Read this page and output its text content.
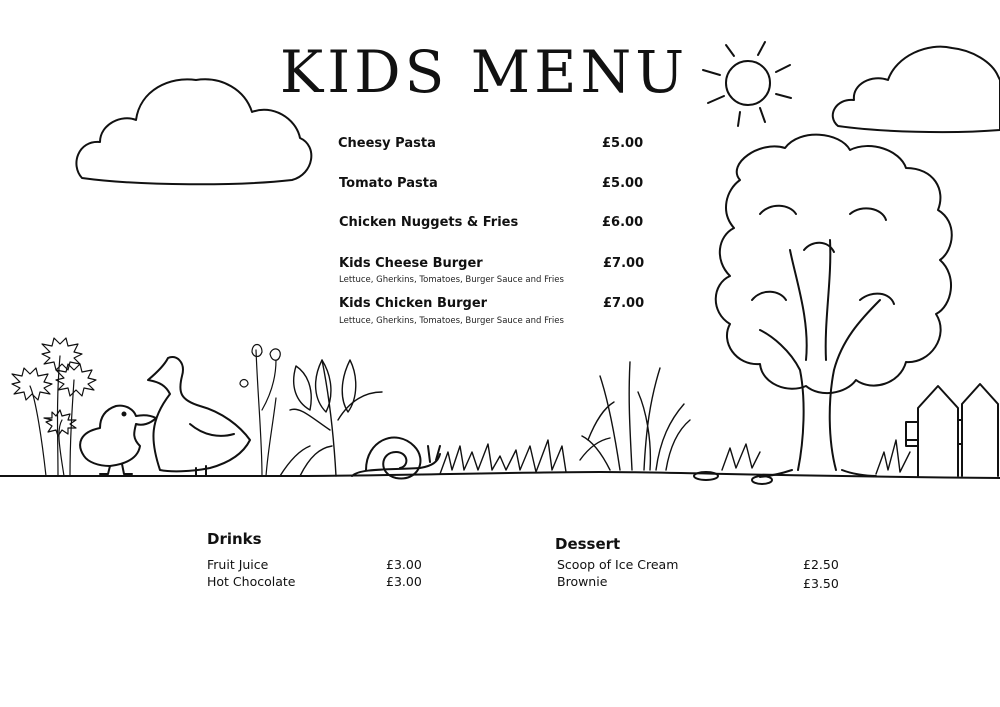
KIDS MENU
Cheesy Pasta	£5.00
Tomato Pasta	£5.00
Chicken Nuggets & Fries	£6.00
Kids Cheese Burger	£7.00
Lettuce, Gherkins, Tomatoes, Burger Sauce and Fries
Kids Chicken Burger	£7.00
Lettuce, Gherkins, Tomatoes, Burger Sauce and Fries
Drinks
Fruit Juice	£3.00
Hot Chocolate	£3.00
Dessert
Scoop of Ice Cream	£2.50
Brownie	£3.50
